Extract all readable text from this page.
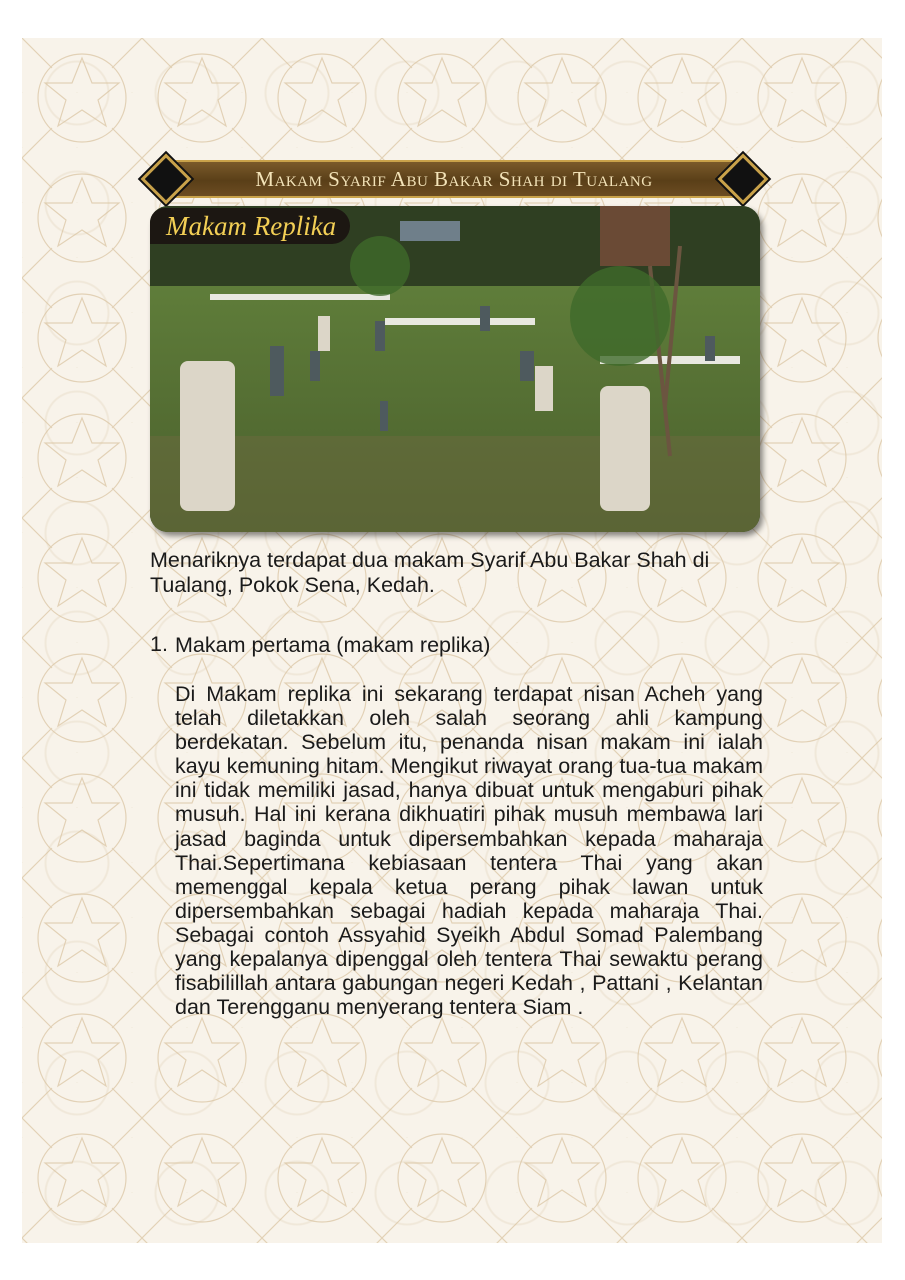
Makam Syarif Abu Bakar Shah di Tualang
Makam Replika
Menariknya terdapat dua makam Syarif Abu Bakar Shah di Tualang, Pokok Sena, Kedah.
1. Makam pertama (makam replika)
Di Makam replika ini sekarang terdapat nisan Acheh yang telah diletakkan oleh salah seorang ahli kampung berdekatan. Sebelum itu, penanda nisan makam ini ialah kayu kemuning hitam. Mengikut riwayat orang tua-tua makam ini tidak memiliki jasad, hanya dibuat untuk mengaburi pihak musuh. Hal ini kerana dikhuatiri pihak musuh membawa lari jasad baginda untuk dipersembahkan kepada maharaja Thai.Sepertimana kebiasaan tentera Thai yang akan memenggal kepala ketua perang pihak lawan untuk dipersembahkan sebagai hadiah kepada maharaja Thai. Sebagai contoh Assyahid Syeikh Abdul Somad Palembang yang kepalanya dipenggal oleh tentera Thai sewaktu perang fisabilillah antara gabungan negeri Kedah , Pattani , Kelantan dan Terengganu menyerang tentera Siam .
